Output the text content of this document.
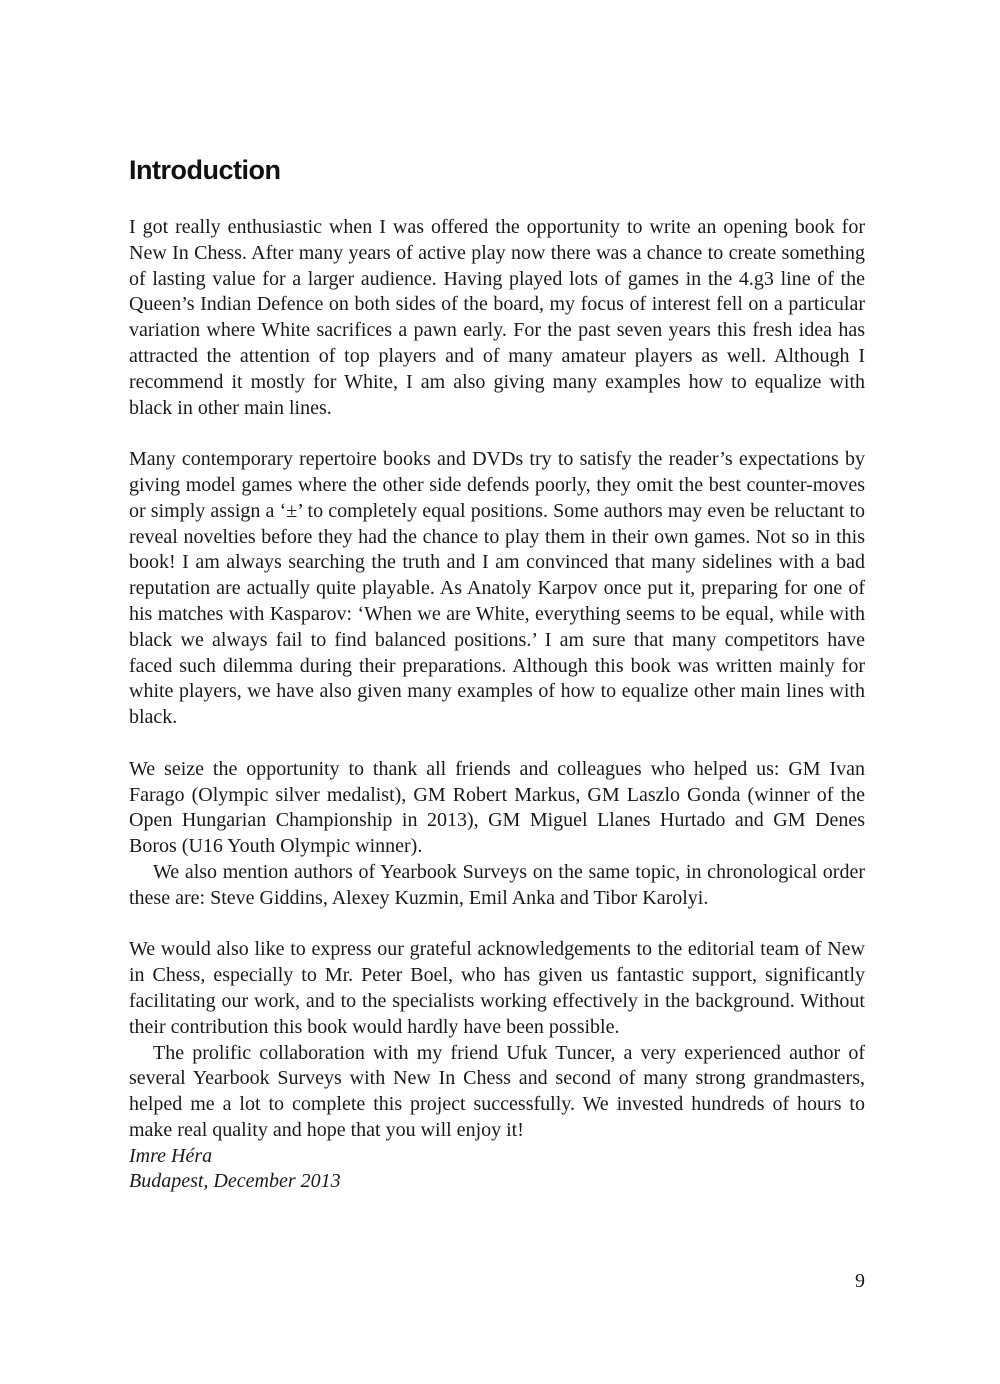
Introduction

I got really enthusiastic when I was offered the opportunity to write an opening book for New In Chess. After many years of active play now there was a chance to create something of lasting value for a larger audience. Having played lots of games in the 4.g3 line of the Queen’s Indian Defence on both sides of the board, my focus of interest fell on a particular variation where White sacrifices a pawn early. For the past seven years this fresh idea has attracted the attention of top players and of many amateur players as well. Although I recommend it mostly for White, I am also giving many examples how to equalize with black in other main lines.

Many contemporary repertoire books and DVDs try to satisfy the reader’s expectations by giving model games where the other side defends poorly, they omit the best counter-moves or simply assign a ‘±’ to completely equal positions. Some authors may even be reluctant to reveal novelties before they had the chance to play them in their own games. Not so in this book! I am always searching the truth and I am convinced that many sidelines with a bad reputation are actually quite playable. As Anatoly Karpov once put it, preparing for one of his matches with Kasparov: ‘When we are White, everything seems to be equal, while with black we always fail to find balanced positions.’ I am sure that many competitors have faced such dilemma during their preparations. Although this book was written mainly for white players, we have also given many examples of how to equalize other main lines with black.

We seize the opportunity to thank all friends and colleagues who helped us: GM Ivan Farago (Olympic silver medalist), GM Robert Markus, GM Laszlo Gonda (winner of the Open Hungarian Championship in 2013), GM Miguel Llanes Hurtado and GM Denes Boros (U16 Youth Olympic winner).

We also mention authors of Yearbook Surveys on the same topic, in chronological order these are: Steve Giddins, Alexey Kuzmin, Emil Anka and Tibor Karolyi.

We would also like to express our grateful acknowledgements to the editorial team of New in Chess, especially to Mr. Peter Boel, who has given us fantastic support, significantly facilitating our work, and to the specialists working effectively in the background. Without their contribution this book would hardly have been possible.

The prolific collaboration with my friend Ufuk Tuncer, a very experienced author of several Yearbook Surveys with New In Chess and second of many strong grandmasters, helped me a lot to complete this project successfully. We invested hundreds of hours to make real quality and hope that you will enjoy it!

Imre Héra

Budapest, December 2013

9
